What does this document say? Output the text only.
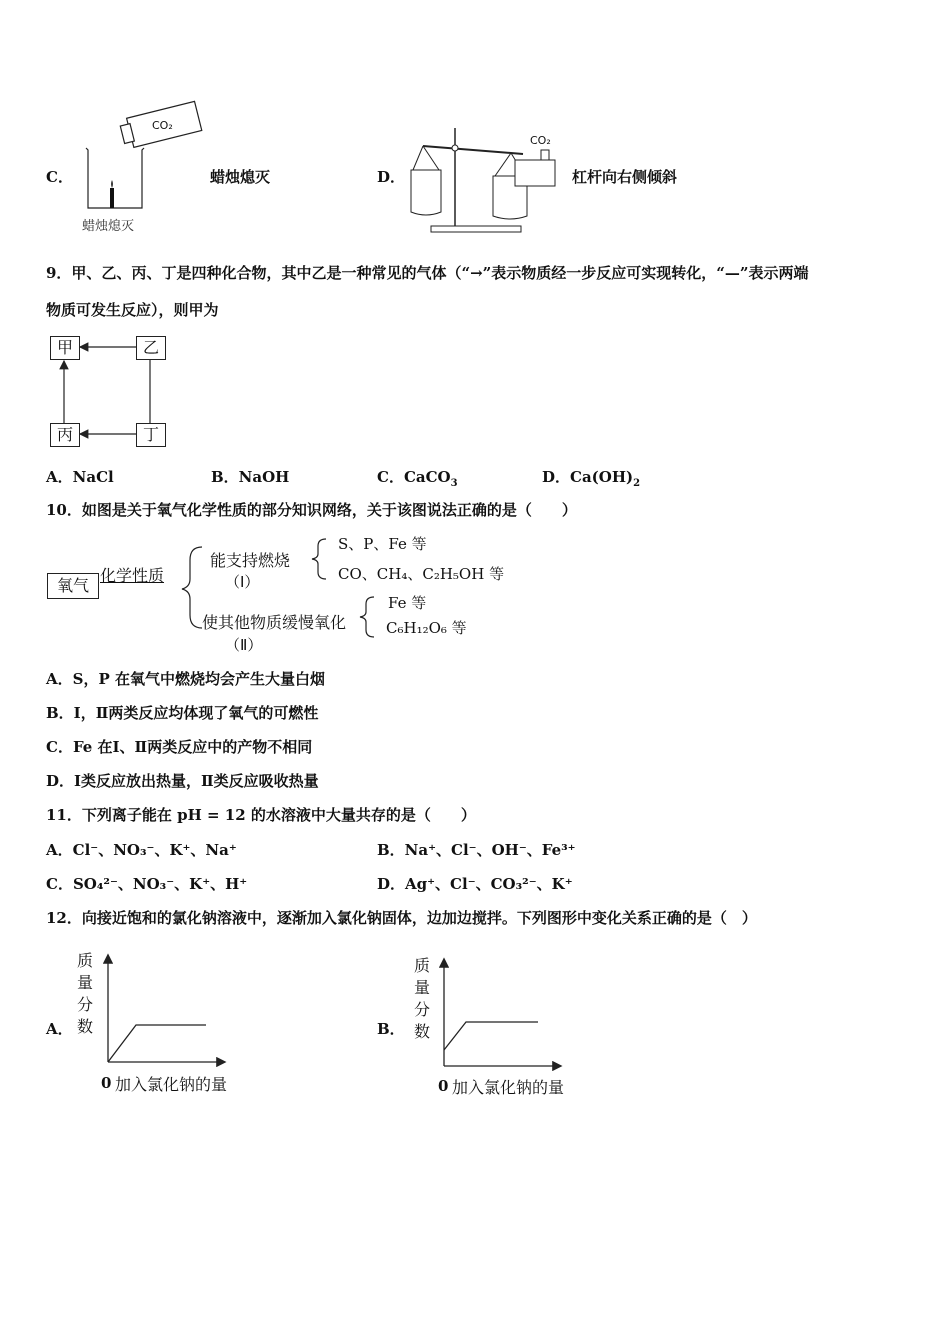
C．
CO₂
蜡烛熄灭
蜡烛熄灭	D．
CO₂
杠杆向右侧倾斜
9．甲、乙、丙、丁是四种化合物，其中乙是一种常见的气体（“→”表示物质经一步反应可实现转化，“—”表示两端
物质可发生反应），则甲为
甲	乙
丙	丁
A．NaCl	B．NaOH	C．CaCO$_3$	D．$Ca(OH)_2$
10．如图是关于氧气化学性质的部分知识网络，关于该图说法正确的是（　　）
氧气
化学性质
能支持燃烧
（Ⅰ）
S、P、Fe 等
CO、CH₄、C₂H₅OH 等
使其他物质缓慢氧化
（Ⅱ）
Fe 等
C₆H₁₂O₆ 等
A．S，P 在氧气中燃烧均会产生大量白烟
B．Ⅰ，Ⅱ两类反应均体现了氧气的可燃性
C．Fe 在Ⅰ、Ⅱ两类反应中的产物不相同
D．Ⅰ类反应放出热量，Ⅱ类反应吸收热量
11．下列离子能在 pH = 12 的水溶液中大量共存的是（　　）
A．Cl⁻、NO₃⁻、K⁺、Na⁺	B．Na⁺、Cl⁻、OH⁻、Fe³⁺
C．SO₄²⁻、NO₃⁻、K⁺、H⁺	D．Ag⁺、Cl⁻、CO₃²⁻、K⁺
12．向接近饱和的氯化钠溶液中，逐渐加入氯化钠固体，边加边搅拌。下列图形中变化关系正确的是（　）
A．
质
量
分
数
0 加入氯化钠的量
B．
质
量
分
数
0 加入氯化钠的量
